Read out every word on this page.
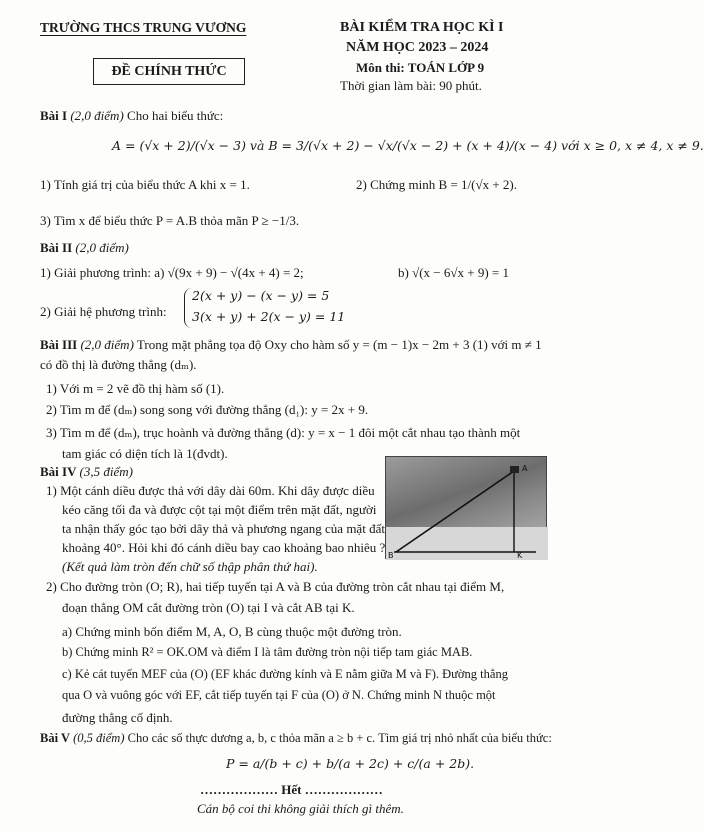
TRƯỜNG THCS TRUNG VƯƠNG
ĐỀ CHÍNH THỨC
BÀI KIỂM TRA HỌC KÌ I
NĂM HỌC 2023 – 2024
Môn thi: TOÁN LỚP 9
Thời gian làm bài: 90 phút.
Bài I (2,0 điểm) Cho hai biểu thức:
A = (√x + 2)/(√x − 3) và B = 3/(√x + 2) − √x/(√x − 2) + (x + 4)/(x − 4) với x ≥ 0, x ≠ 4, x ≠ 9.
1) Tính giá trị của biểu thức A khi x = 1.	2) Chứng minh B = 1/(√x + 2).
3) Tìm x để biểu thức P = A.B thỏa mãn P ≥ −1/3.
Bài II (2,0 điểm)
1) Giải phương trình: a) √(9x + 9) − √(4x + 4) = 2;	b) √(x − 6√x + 9) = 1
2) Giải hệ phương trình:
2(x + y) − (x − y) = 5
3(x + y) + 2(x − y) = 11
Bài III (2,0 điểm) Trong mặt phẳng tọa độ Oxy cho hàm số y = (m − 1)x − 2m + 3 (1) với m ≠ 1
có đồ thị là đường thẳng (dₘ).
1) Với m = 2 vẽ đồ thị hàm số (1).
2) Tìm m để (dₘ) song song với đường thẳng (d₁): y = 2x + 9.
3) Tìm m để (dₘ), trục hoành và đường thẳng (d): y = x − 1 đôi một cắt nhau tạo thành một
tam giác có diện tích là 1(đvdt).
Bài IV (3,5 điểm)
1) Một cánh diều được thả với dây dài 60m. Khi dây được diều
kéo căng tối đa và được cột tại một điểm trên mặt đất, người
ta nhận thấy góc tạo bởi dây thả và phương ngang của mặt đất
khoảng 40°. Hỏi khi đó cánh diều bay cao khoảng bao nhiêu ?
(Kết quả làm tròn đến chữ số thập phân thứ hai).
A
B	K
2) Cho đường tròn (O; R), hai tiếp tuyến tại A và B của đường tròn cắt nhau tại điểm M,
đoạn thẳng OM cắt đường tròn (O) tại I và cắt AB tại K.
a) Chứng minh bốn điểm M, A, O, B cùng thuộc một đường tròn.
b) Chứng minh R² = OK.OM và điểm I là tâm đường tròn nội tiếp tam giác MAB.
c) Kẻ cát tuyến MEF của (O) (EF khác đường kính và E nằm giữa M và F). Đường thẳng
qua O và vuông góc với EF, cắt tiếp tuyến tại F của (O) ở N. Chứng minh N thuộc một
đường thẳng cố định.
Bài V (0,5 điểm) Cho các số thực dương a, b, c thỏa mãn a ≥ b + c. Tìm giá trị nhỏ nhất của biểu thức:
P = a/(b + c) + b/(a + 2c) + c/(a + 2b).
……………… Hết ………………
Cán bộ coi thi không giải thích gì thêm.
